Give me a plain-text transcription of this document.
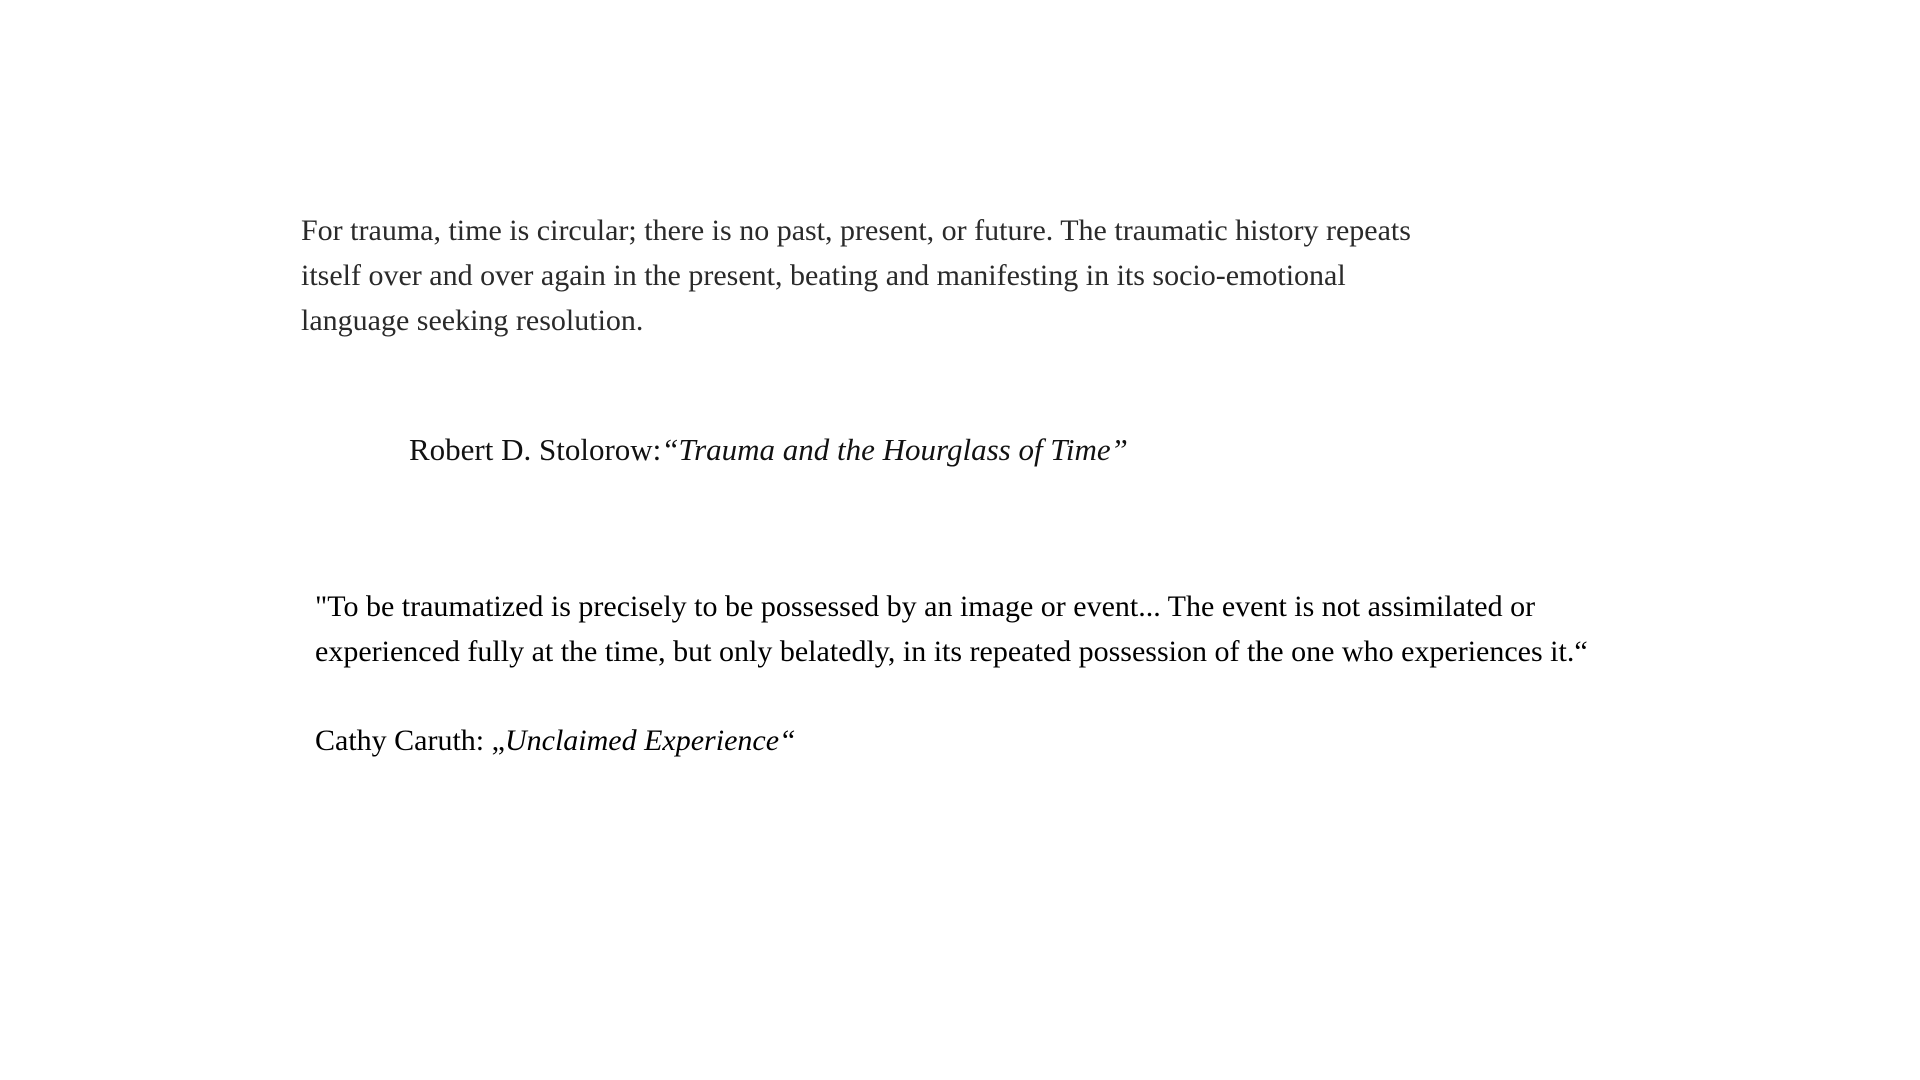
For trauma, time is circular; there is no past, present, or future. The traumatic history repeats itself over and over again in the present, beating and manifesting in its socio-emotional language seeking resolution.
Robert D. Stolorow:“Trauma and the Hourglass of Time”
"To be traumatized is precisely to be possessed by an image or event... The event is not assimilated or experienced fully at the time, but only belatedly, in its repeated possession of the one who experiences it.“
Cathy Caruth: „Unclaimed Experience“
